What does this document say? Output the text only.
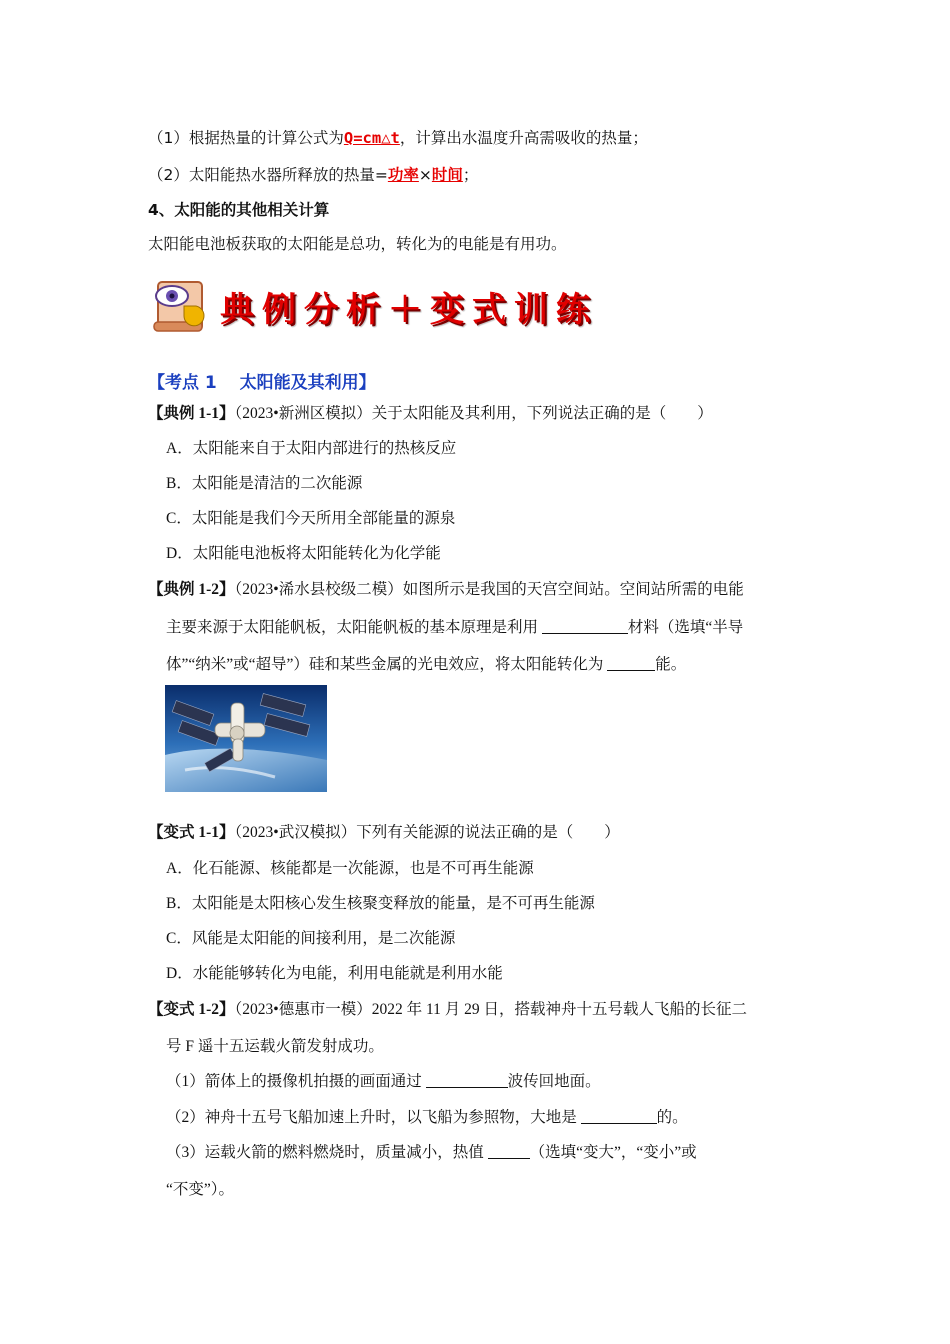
（1）根据热量的计算公式为Q=cm△t，计算出水温度升高需吸收的热量；
（2）太阳能热水器所释放的热量=功率×时间；
4、太阳能的其他相关计算
太阳能电池板获取的太阳能是总功，转化为的电能是有用功。
典例分析＋变式训练
【考点 1　 太阳能及其利用】
【典例 1-1】（2023•新洲区模拟）关于太阳能及其利用，下列说法正确的是（　　）
A．太阳能来自于太阳内部进行的热核反应
B．太阳能是清洁的二次能源
C．太阳能是我们今天所用全部能量的源泉
D．太阳能电池板将太阳能转化为化学能
【典例 1-2】（2023•浠水县校级二模）如图所示是我国的天宫空间站。空间站所需的电能
主要来源于太阳能帆板，太阳能帆板的基本原理是利用	材料（选填“半导
体”“纳米”或“超导”）硅和某些金属的光电效应，将太阳能转化为	能。
【变式 1-1】（2023•武汉模拟）下列有关能源的说法正确的是（　　）
A．化石能源、核能都是一次能源，也是不可再生能源
B．太阳能是太阳核心发生核聚变释放的能量，是不可再生能源
C．风能是太阳能的间接利用，是二次能源
D．水能能够转化为电能，利用电能就是利用水能
【变式 1-2】（2023•德惠市一模）2022 年 11 月 29 日，搭载神舟十五号载人飞船的长征二
号 F 遥十五运载火箭发射成功。
（1）箭体上的摄像机拍摄的画面通过	波传回地面。
（2）神舟十五号飞船加速上升时，以飞船为参照物，大地是	的。
（3）运载火箭的燃料燃烧时，质量减小，热值	（选填“变大”，“变小”或
“不变”）。
